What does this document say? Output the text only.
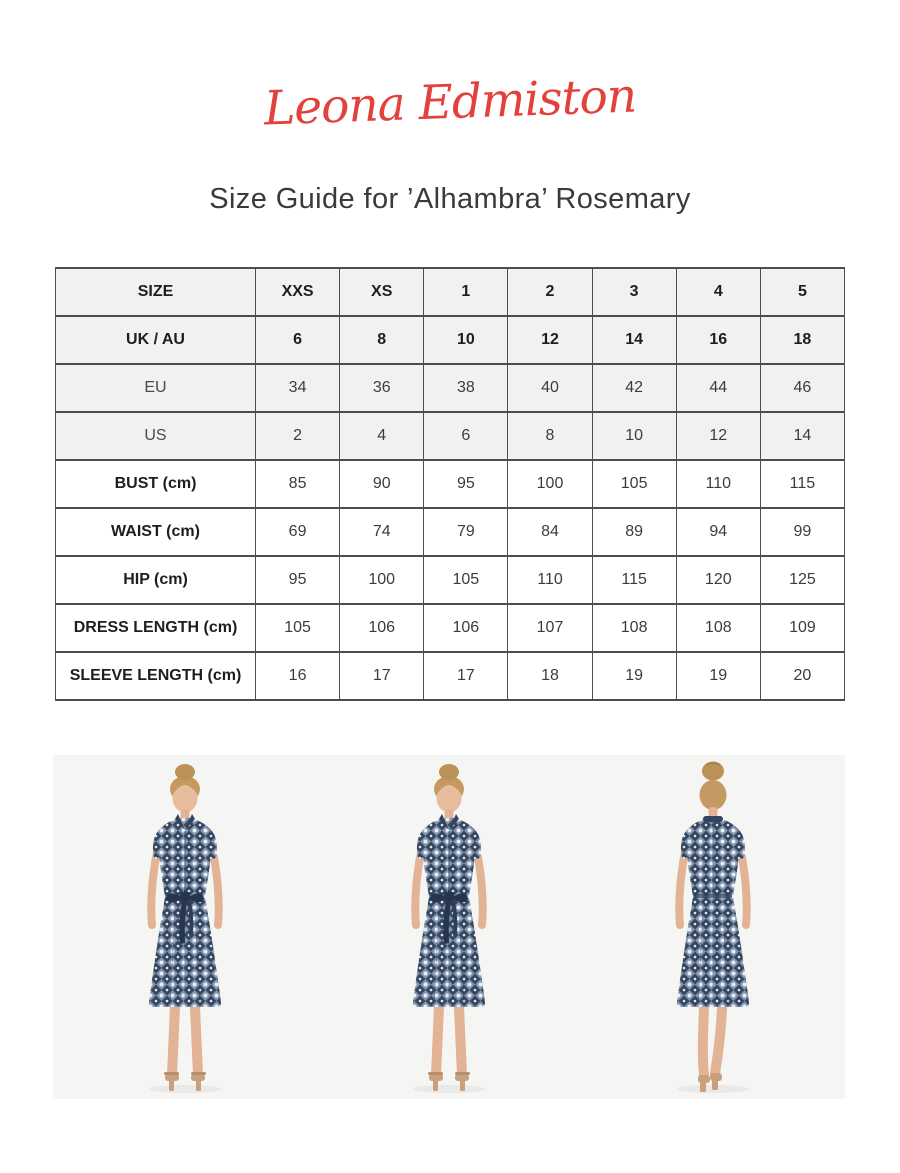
Leona Edmiston
Size Guide for ’Alhambra’ Rosemary
SIZE	XXS	XS	1	2	3	4	5
UK / AU	6	8	10	12	14	16	18
EU	34	36	38	40	42	44	46
US	2	4	6	8	10	12	14
BUST (cm)	85	90	95	100	105	110	115
WAIST (cm)	69	74	79	84	89	94	99
HIP (cm)	95	100	105	110	115	120	125
DRESS LENGTH (cm)	105	106	106	107	108	108	109
SLEEVE LENGTH (cm)	16	17	17	18	19	19	20
